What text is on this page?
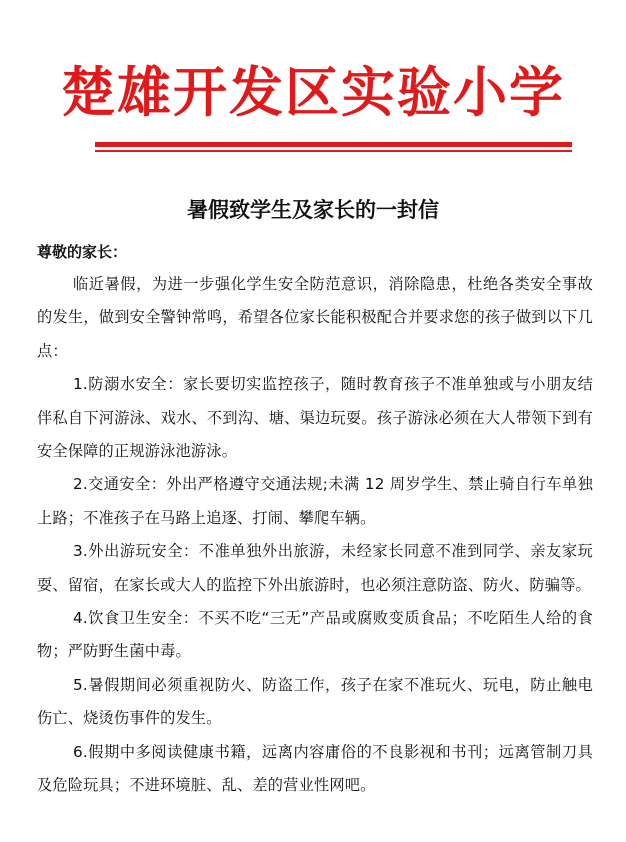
楚雄开发区实验小学
暑假致学生及家长的一封信
尊敬的家长：

临近暑假，为进一步强化学生安全防范意识，消除隐患，杜绝各类安全事故的发生，做到安全警钟常鸣，希望各位家长能积极配合并要求您的孩子做到以下几点：

1.防溺水安全：家长要切实监控孩子，随时教育孩子不准单独或与小朋友结伴私自下河游泳、戏水、不到沟、塘、渠边玩耍。孩子游泳必须在大人带领下到有安全保障的正规游泳池游泳。

2.交通安全：外出严格遵守交通法规;未满 12 周岁学生、禁止骑自行车单独上路；不准孩子在马路上追逐、打闹、攀爬车辆。

3.外出游玩安全：不准单独外出旅游，未经家长同意不准到同学、亲友家玩耍、留宿，在家长或大人的监控下外出旅游时，也必须注意防盗、防火、防骗等。

4.饮食卫生安全：不买不吃“三无”产品或腐败变质食品；不吃陌生人给的食物；严防野生菌中毒。

5.暑假期间必须重视防火、防盗工作，孩子在家不准玩火、玩电，防止触电伤亡、烧烫伤事件的发生。

6.假期中多阅读健康书籍，远离内容庸俗的不良影视和书刊；远离管制刀具及危险玩具；不进环境脏、乱、差的营业性网吧。
